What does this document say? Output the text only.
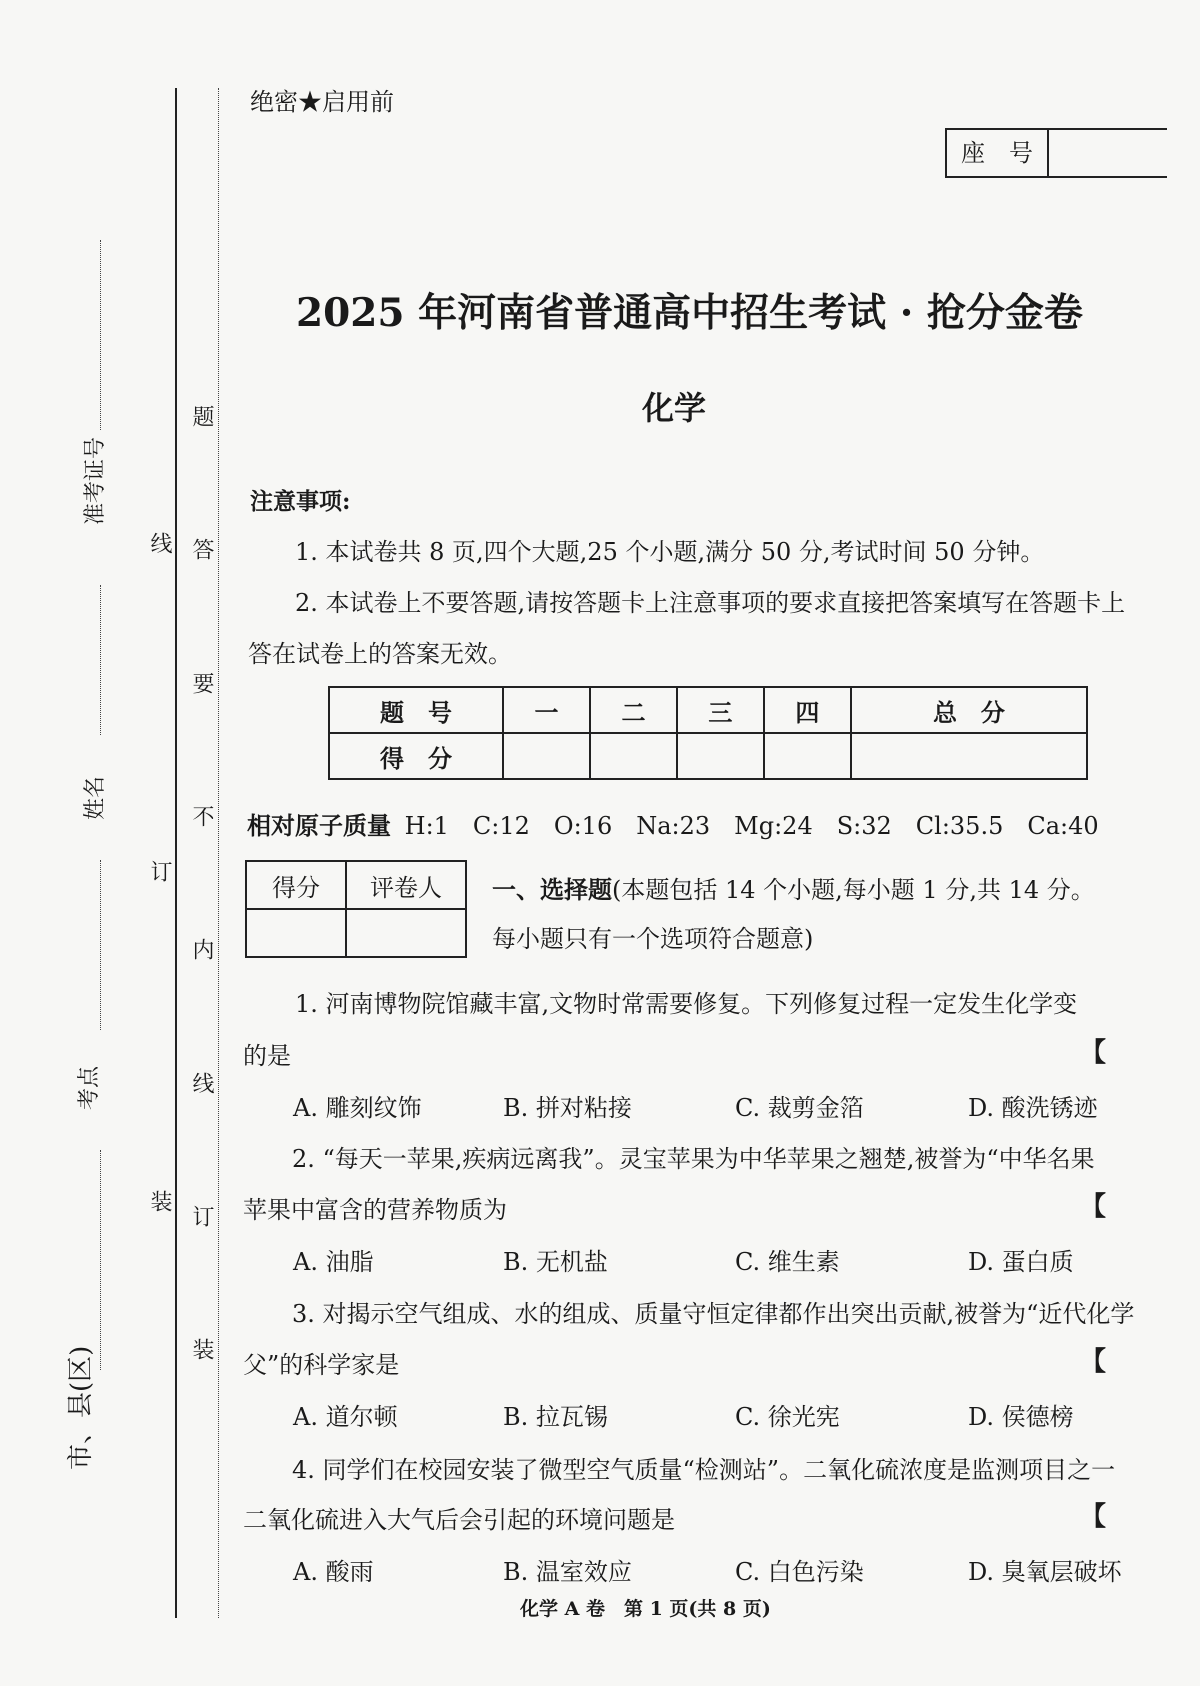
准考证号
姓名
考点
市、县(区)
线
订
装
题
答
要
不
内
线
订
装
绝密★启用前
座　号
2025 年河南省普通高中招生考试 · 抢分金卷
化学
注意事项:
1. 本试卷共 8 页,四个大题,25 个小题,满分 50 分,考试时间 50 分钟。
2. 本试卷上不要答题,请按答题卡上注意事项的要求直接把答案填写在答题卡上
答在试卷上的答案无效。
题　号	一	二	三	四	总　分
得　分					
相对原子质量 H:1　C:12　O:16　Na:23　Mg:24　S:32　Cl:35.5　Ca:40
得分	评卷人
	一、选择题(本题包括 14 个小题,每小题 1 分,共 14 分。
每小题只有一个选项符合题意)
1. 河南博物院馆藏丰富,文物时常需要修复。下列修复过程一定发生化学变
的是	【
A. 雕刻纹饰	B. 拼对粘接	C. 裁剪金箔	D. 酸洗锈迹
2. “每天一苹果,疾病远离我”。灵宝苹果为中华苹果之翘楚,被誉为“中华名果
苹果中富含的营养物质为	【
A. 油脂	B. 无机盐	C. 维生素	D. 蛋白质
3. 对揭示空气组成、水的组成、质量守恒定律都作出突出贡献,被誉为“近代化学
父”的科学家是	【
A. 道尔顿	B. 拉瓦锡	C. 徐光宪	D. 侯德榜
4. 同学们在校园安装了微型空气质量“检测站”。二氧化硫浓度是监测项目之一
二氧化硫进入大气后会引起的环境问题是	【
A. 酸雨	B. 温室效应	C. 白色污染	D. 臭氧层破坏
化学 A 卷　第 1 页(共 8 页)
